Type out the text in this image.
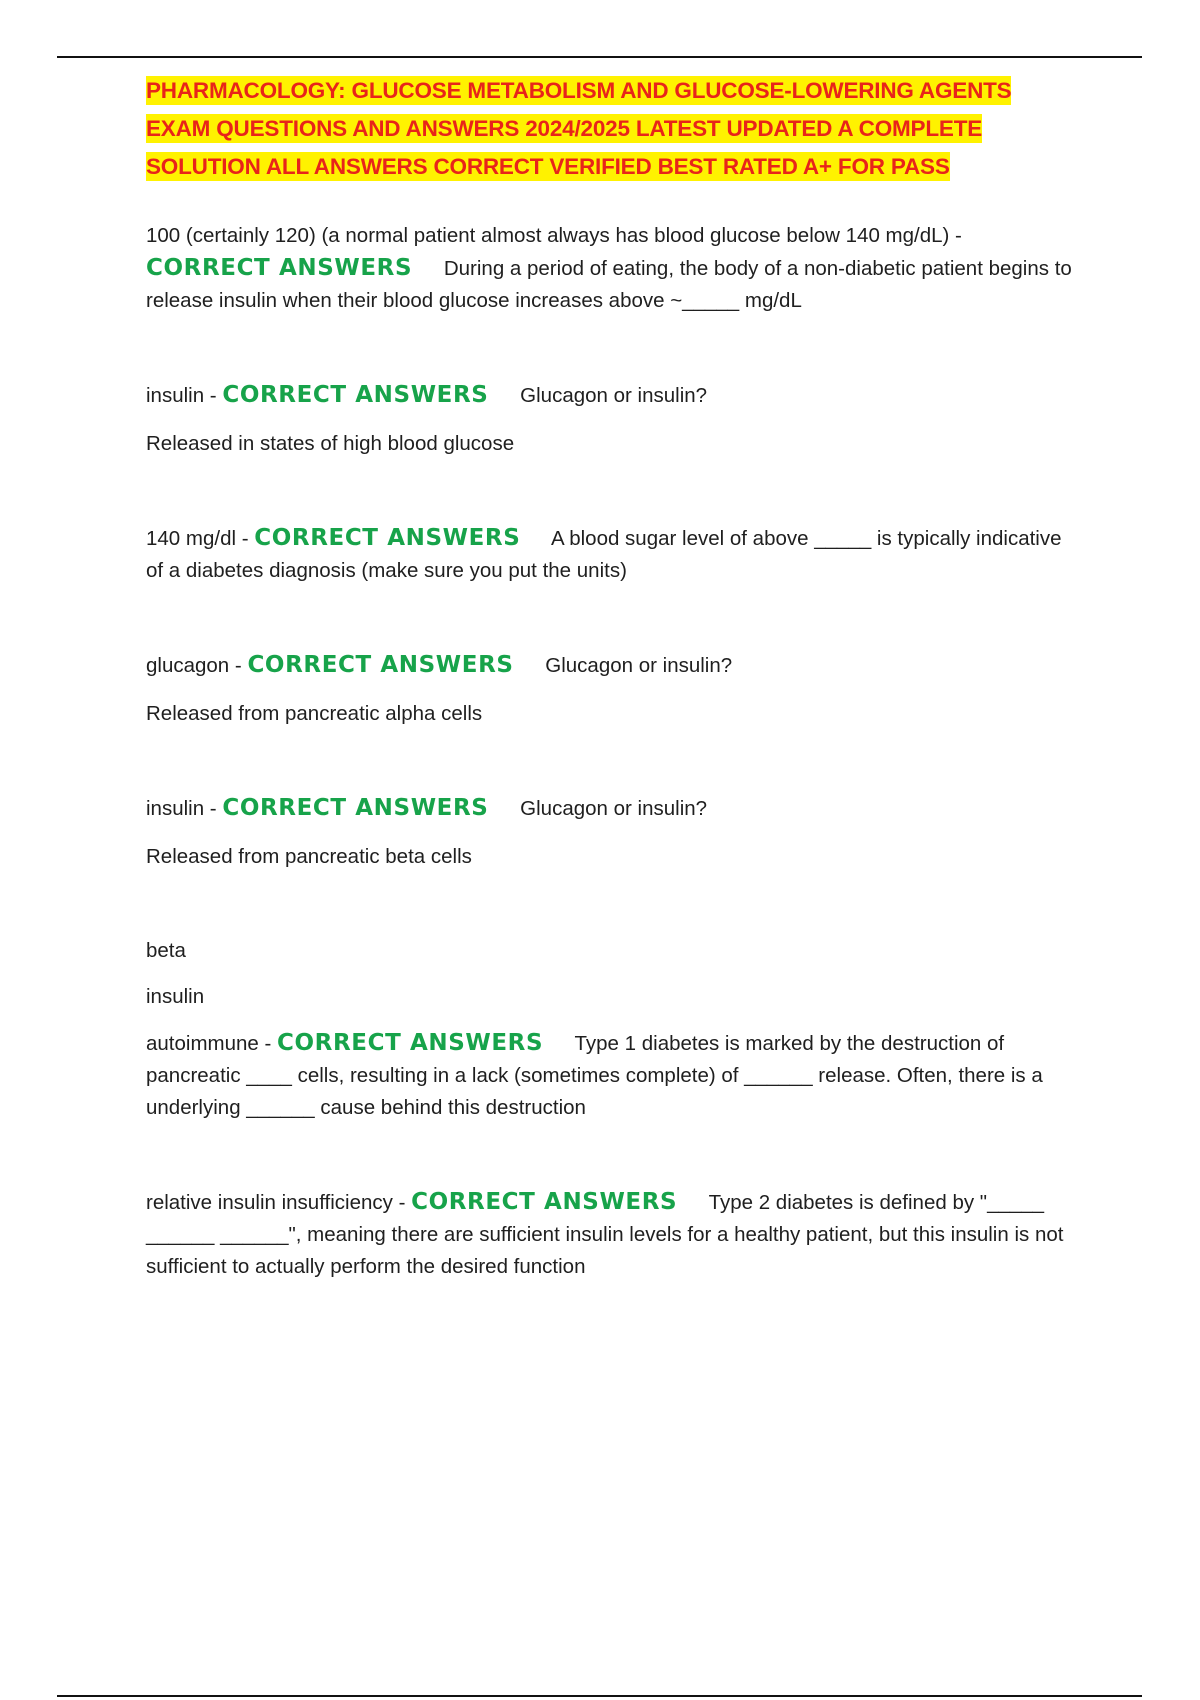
PHARMACOLOGY: GLUCOSE METABOLISM AND GLUCOSE-LOWERING AGENTS EXAM QUESTIONS AND ANSWERS 2024/2025 LATEST UPDATED A COMPLETE SOLUTION ALL ANSWERS CORRECT VERIFIED BEST RATED A+ FOR PASS

100 (certainly 120) (a normal patient almost always has blood glucose below 140 mg/dL) - CORRECT ANSWERS During a period of eating, the body of a non-diabetic patient begins to release insulin when their blood glucose increases above ~_____ mg/dL

insulin - CORRECT ANSWERS Glucagon or insulin?

Released in states of high blood glucose

140 mg/dl - CORRECT ANSWERS A blood sugar level of above _____ is typically indicative of a diabetes diagnosis (make sure you put the units)

glucagon - CORRECT ANSWERS Glucagon or insulin?

Released from pancreatic alpha cells

insulin - CORRECT ANSWERS Glucagon or insulin?

Released from pancreatic beta cells

beta

insulin

autoimmune - CORRECT ANSWERS Type 1 diabetes is marked by the destruction of pancreatic ____ cells, resulting in a lack (sometimes complete) of ______ release. Often, there is a underlying ______ cause behind this destruction

relative insulin insufficiency - CORRECT ANSWERS Type 2 diabetes is defined by "_____ ______ ______", meaning there are sufficient insulin levels for a healthy patient, but this insulin is not sufficient to actually perform the desired function
